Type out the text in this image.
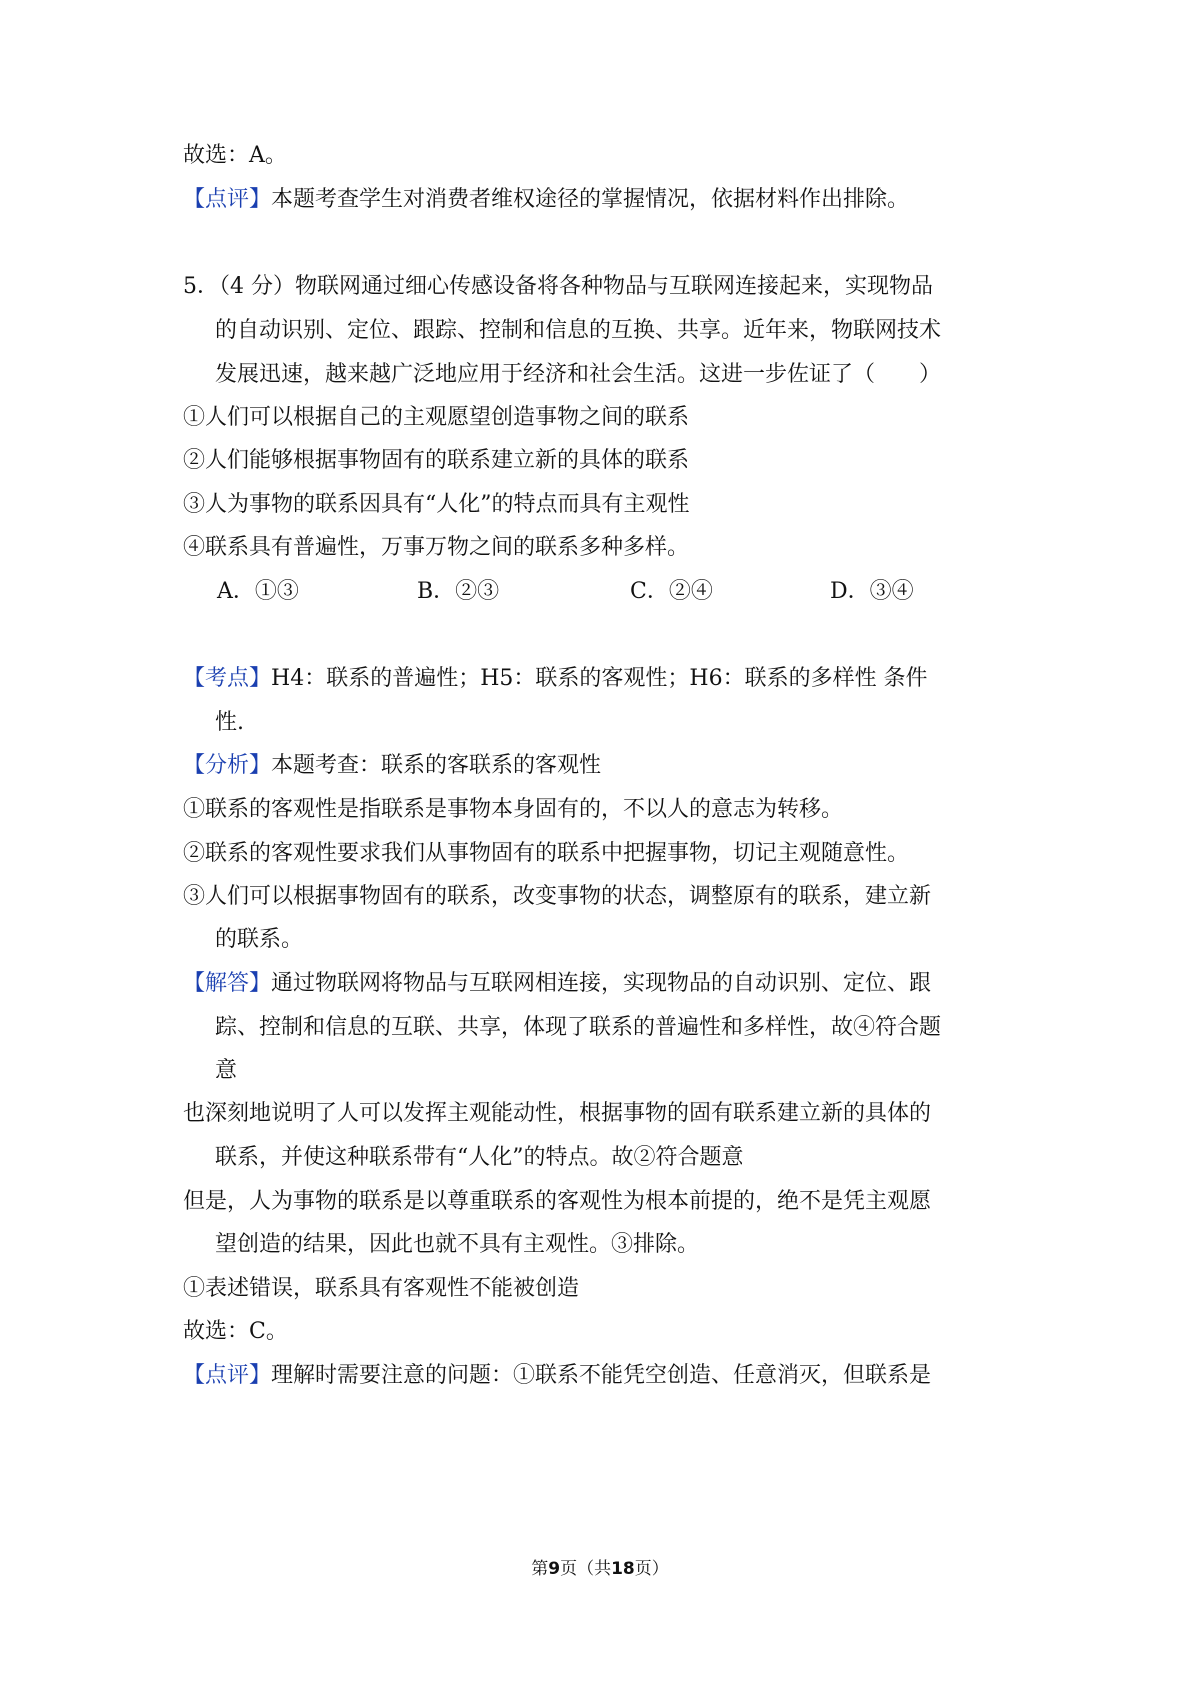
故选：A。
【点评】本题考查学生对消费者维权途径的掌握情况，依据材料作出排除。
5．（4 分）物联网通过细心传感设备将各种物品与互联网连接起来，实现物品
的自动识别、定位、跟踪、控制和信息的互换、共享。近年来，物联网技术
发展迅速，越来越广泛地应用于经济和社会生活。这进一步佐证了（　　）
①人们可以根据自己的主观愿望创造事物之间的联系
②人们能够根据事物固有的联系建立新的具体的联系
③人为事物的联系因具有“人化”的特点而具有主观性
④联系具有普遍性，万事万物之间的联系多种多样。
A．①③	B．②③	C．②④	D．③④
【考点】H4：联系的普遍性；H5：联系的客观性；H6：联系的多样性 条件
性.
【分析】本题考查：联系的客联系的客观性
①联系的客观性是指联系是事物本身固有的，不以人的意志为转移。
②联系的客观性要求我们从事物固有的联系中把握事物，切记主观随意性。
③人们可以根据事物固有的联系，改变事物的状态，调整原有的联系，建立新
的联系。
【解答】通过物联网将物品与互联网相连接，实现物品的自动识别、定位、跟
踪、控制和信息的互联、共享，体现了联系的普遍性和多样性，故④符合题
意
也深刻地说明了人可以发挥主观能动性，根据事物的固有联系建立新的具体的
联系，并使这种联系带有“人化”的特点。故②符合题意
但是，人为事物的联系是以尊重联系的客观性为根本前提的，绝不是凭主观愿
望创造的结果，因此也就不具有主观性。③排除。
①表述错误，联系具有客观性不能被创造
故选：C。
【点评】理解时需要注意的问题：①联系不能凭空创造、任意消灭，但联系是
第9页（共18页）
